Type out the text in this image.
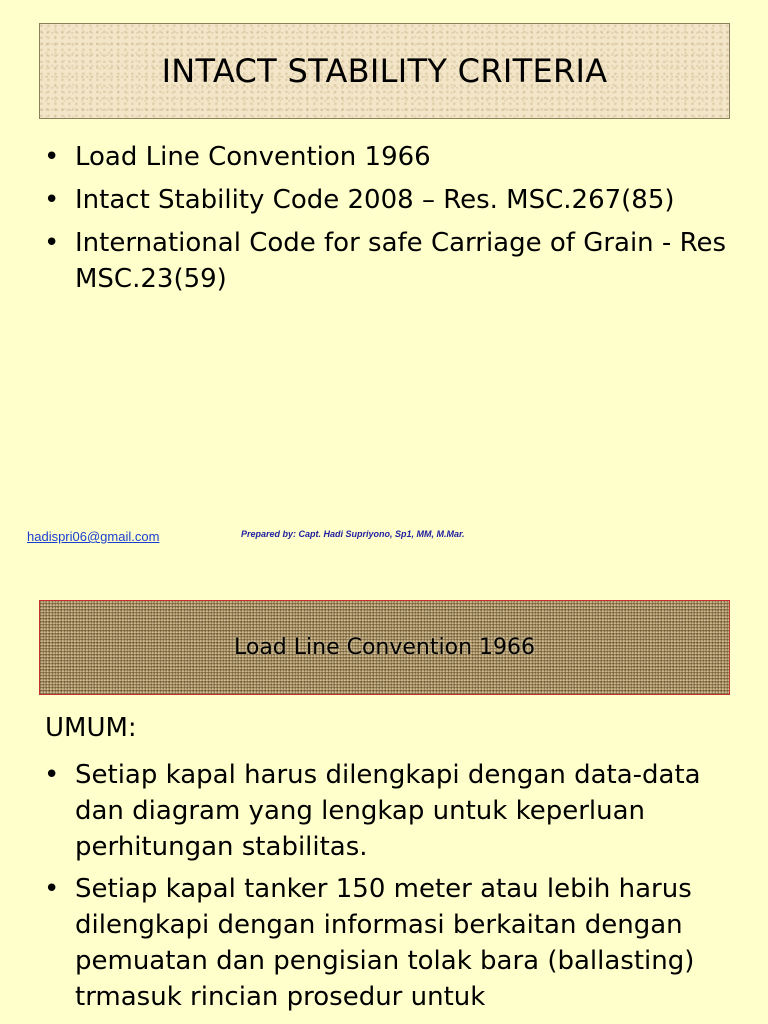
INTACT STABILITY CRITERIA
• Load Line Convention 1966
• Intact Stability Code 2008 – Res. MSC.267(85)
• International Code for safe Carriage of Grain - Res MSC.23(59)
hadispri06@gmail.com	Prepared by: Capt. Hadi Supriyono, Sp1, MM, M.Mar.
Load Line Convention 1966
UMUM:
• Setiap kapal harus dilengkapi dengan data-data dan diagram yang lengkap untuk keperluan perhitungan stabilitas.
• Setiap kapal tanker 150 meter atau lebih harus dilengkapi dengan informasi berkaitan dengan pemuatan dan pengisian tolak bara (ballasting) trmasuk rincian prosedur untuk
